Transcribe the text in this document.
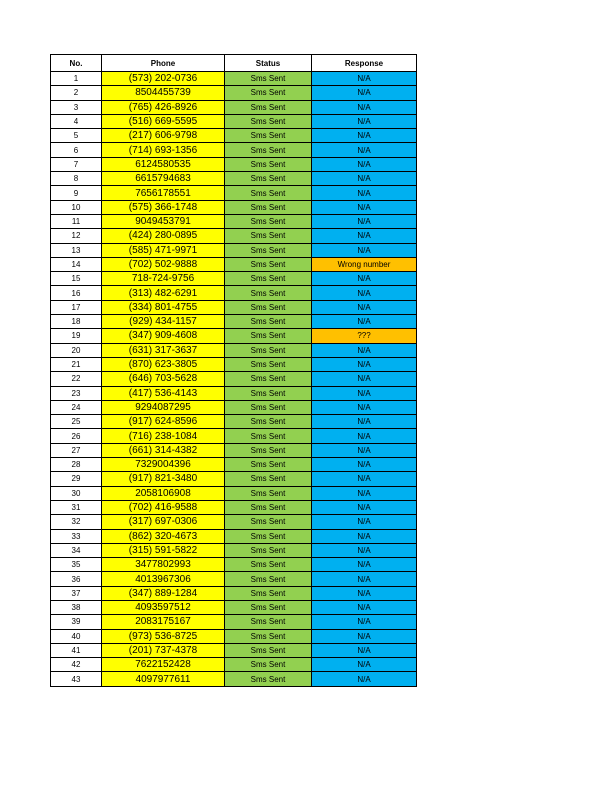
No.	Phone	Status	Response
1	(573) 202-0736	Sms Sent	N/A
2	8504455739	Sms Sent	N/A
3	(765) 426-8926	Sms Sent	N/A
4	(516) 669-5595	Sms Sent	N/A
5	(217) 606-9798	Sms Sent	N/A
6	(714) 693-1356	Sms Sent	N/A
7	6124580535	Sms Sent	N/A
8	6615794683	Sms Sent	N/A
9	7656178551	Sms Sent	N/A
10	(575) 366-1748	Sms Sent	N/A
11	9049453791	Sms Sent	N/A
12	(424) 280-0895	Sms Sent	N/A
13	(585) 471-9971	Sms Sent	N/A
14	(702) 502-9888	Sms Sent	Wrong number
15	718-724-9756	Sms Sent	N/A
16	(313) 482-6291	Sms Sent	N/A
17	(334) 801-4755	Sms Sent	N/A
18	(929) 434-1157	Sms Sent	N/A
19	(347) 909-4608	Sms Sent	???
20	(631) 317-3637	Sms Sent	N/A
21	(870) 623-3805	Sms Sent	N/A
22	(646) 703-5628	Sms Sent	N/A
23	(417) 536-4143	Sms Sent	N/A
24	9294087295	Sms Sent	N/A
25	(917) 624-8596	Sms Sent	N/A
26	(716) 238-1084	Sms Sent	N/A
27	(661) 314-4382	Sms Sent	N/A
28	7329004396	Sms Sent	N/A
29	(917) 821-3480	Sms Sent	N/A
30	2058106908	Sms Sent	N/A
31	(702) 416-9588	Sms Sent	N/A
32	(317) 697-0306	Sms Sent	N/A
33	(862) 320-4673	Sms Sent	N/A
34	(315) 591-5822	Sms Sent	N/A
35	3477802993	Sms Sent	N/A
36	4013967306	Sms Sent	N/A
37	(347) 889-1284	Sms Sent	N/A
38	4093597512	Sms Sent	N/A
39	2083175167	Sms Sent	N/A
40	(973) 536-8725	Sms Sent	N/A
41	(201) 737-4378	Sms Sent	N/A
42	7622152428	Sms Sent	N/A
43	4097977611	Sms Sent	N/A
